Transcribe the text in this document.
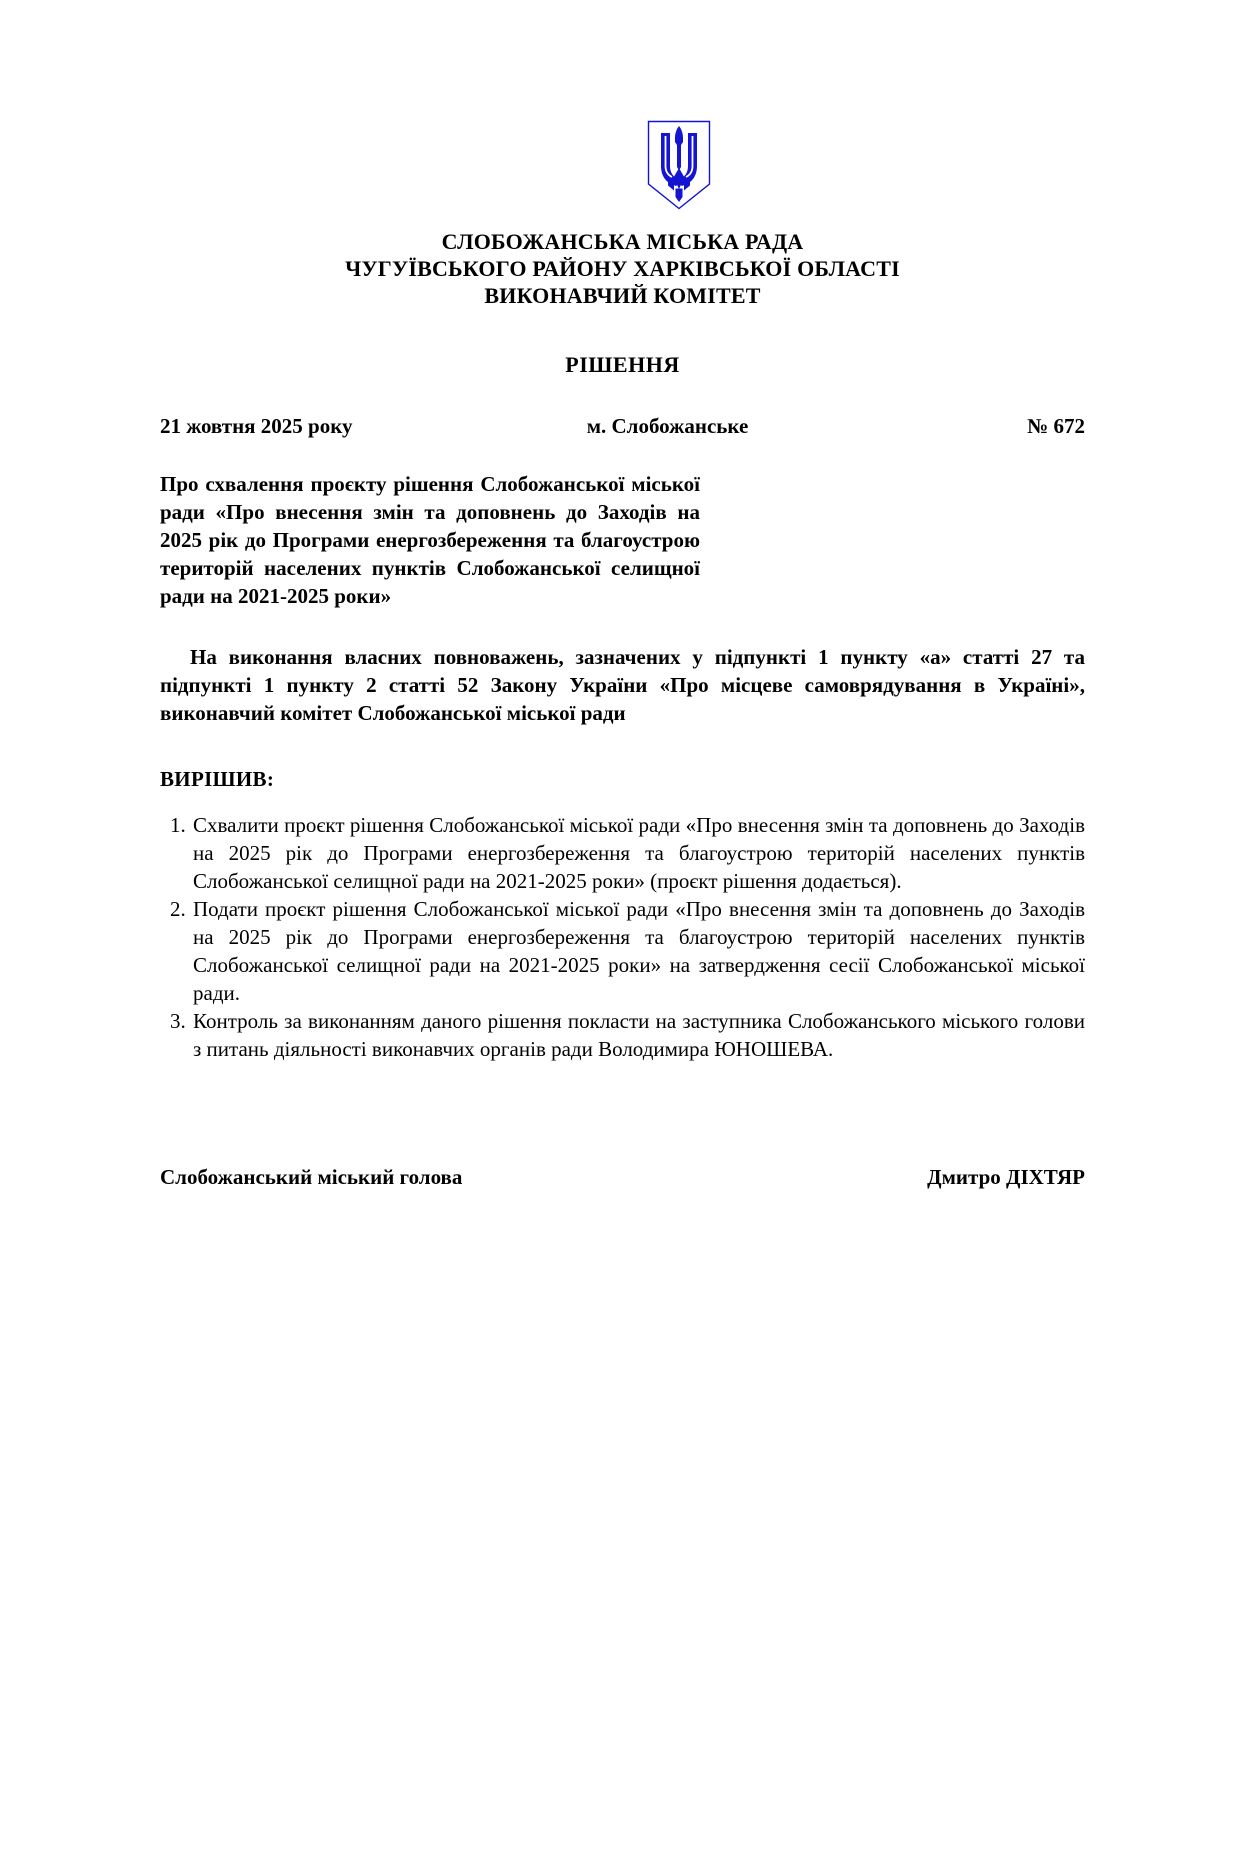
СЛОБОЖАНСЬКА МІСЬКА РАДА
ЧУГУЇВСЬКОГО РАЙОНУ ХАРКІВСЬКОЇ ОБЛАСТІ
ВИКОНАВЧИЙ КОМІТЕТ
РІШЕННЯ
21 жовтня 2025 року	м. Слобожанське	№ 672

Про схвалення проєкту рішення Слобожанської міської ради «Про внесення змін та доповнень до Заходів на 2025 рік до Програми енергозбереження та благоустрою територій населених пунктів Слобожанської селищної ради на 2021-2025 роки»

На виконання власних повноважень, зазначених у підпункті 1 пункту «а» статті 27 та підпункті 1 пункту 2 статті 52 Закону України «Про місцеве самоврядування в Україні», виконавчий комітет Слобожанської міської ради

ВИРІШИВ:

1. Схвалити проєкт рішення Слобожанської міської ради «Про внесення змін та доповнень до Заходів на 2025 рік до Програми енергозбереження та благоустрою територій населених пунктів Слобожанської селищної ради на 2021-2025 роки» (проєкт рішення додається).
2. Подати проєкт рішення Слобожанської міської ради «Про внесення змін та доповнень до Заходів на 2025 рік до Програми енергозбереження та благоустрою територій населених пунктів Слобожанської селищної ради на 2021-2025 роки» на затвердження сесії Слобожанської міської ради.
3. Контроль за виконанням даного рішення покласти на заступника Слобожанського міського голови з питань діяльності виконавчих органів ради Володимира ЮНОШЕВА.
Слобожанський міський голова	Дмитро ДІХТЯР
